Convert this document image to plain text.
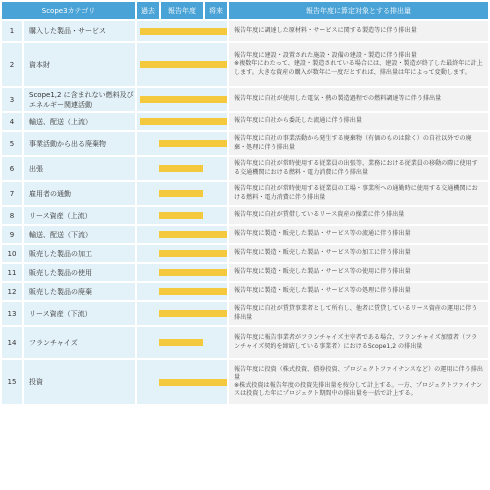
Scope3カテゴリ		過去	報告年度	将来	報告年度に算定対象とする排出量
1	購入した製品・サービス				報告年度に調達した原材料・サービスに関する製造等に伴う排出量
2	資本財				報告年度に建設・設置された施設・設備の建設・製造に伴う排出量
※複数年にわたって、建設・製造されている場合には、建設・製造が終了した最終年に計上します。大きな資産の購入が数年に一度だとすれば、排出量は年によって変動します。
3	Scope1,2 に含まれない燃料及びエネルギー関連活動				報告年度に自社が使用した電気・熱の製造過程での燃料調達等に伴う排出量
4	輸送、配送（上流）				報告年度に自社から委託した流通に伴う排出量
5	事業活動から出る廃棄物				報告年度に自社の事業活動から発生する廃棄物（有価のものは除く）の自社以外での廃棄・処理に伴う排出量
6	出張				報告年度に自社が常時使用する従業員の出張等、業務における従業員の移動の際に使用する交通機関における燃料・電力消費に伴う排出量
7	雇用者の通勤				報告年度に自社が常時使用する従業員の工場・事業所への通勤時に使用する交通機関における燃料・電力消費に伴う排出量
8	リース資産（上流）				報告年度に自社が賃借しているリース資産の操業に伴う排出量
9	輸送、配送（下流）				報告年度に製造・販売した製品・サービス等の流通に伴う排出量
10	販売した製品の加工				報告年度に製造・販売した製品・サービス等の加工に伴う排出量
11	販売した製品の使用				報告年度に製造・販売した製品・サービス等の使用に伴う排出量
12	販売した製品の廃棄				報告年度に製造・販売した製品・サービス等の処理に伴う排出量
13	リース資産（下流）				報告年度に自社が賃貸事業者として所有し、他者に賃貸しているリース資産の運用に伴う排出量
14	フランチャイズ				報告年度に報告事業者がフランチャイズ主宰者である場合、フランチャイズ加盟者（フランチャイズ契約を締結している事業者）におけるScope1,2 の排出量
15	投資				報告年度に投資（株式投資、債券投資、プロジェクトファイナンスなど）の運用に伴う排出量
※株式投資は報告年度の投資先排出量を按分して計上する。一方、プロジェクトファイナンスは投資した年にプロジェクト期間中の排出量を一括で計上する。
